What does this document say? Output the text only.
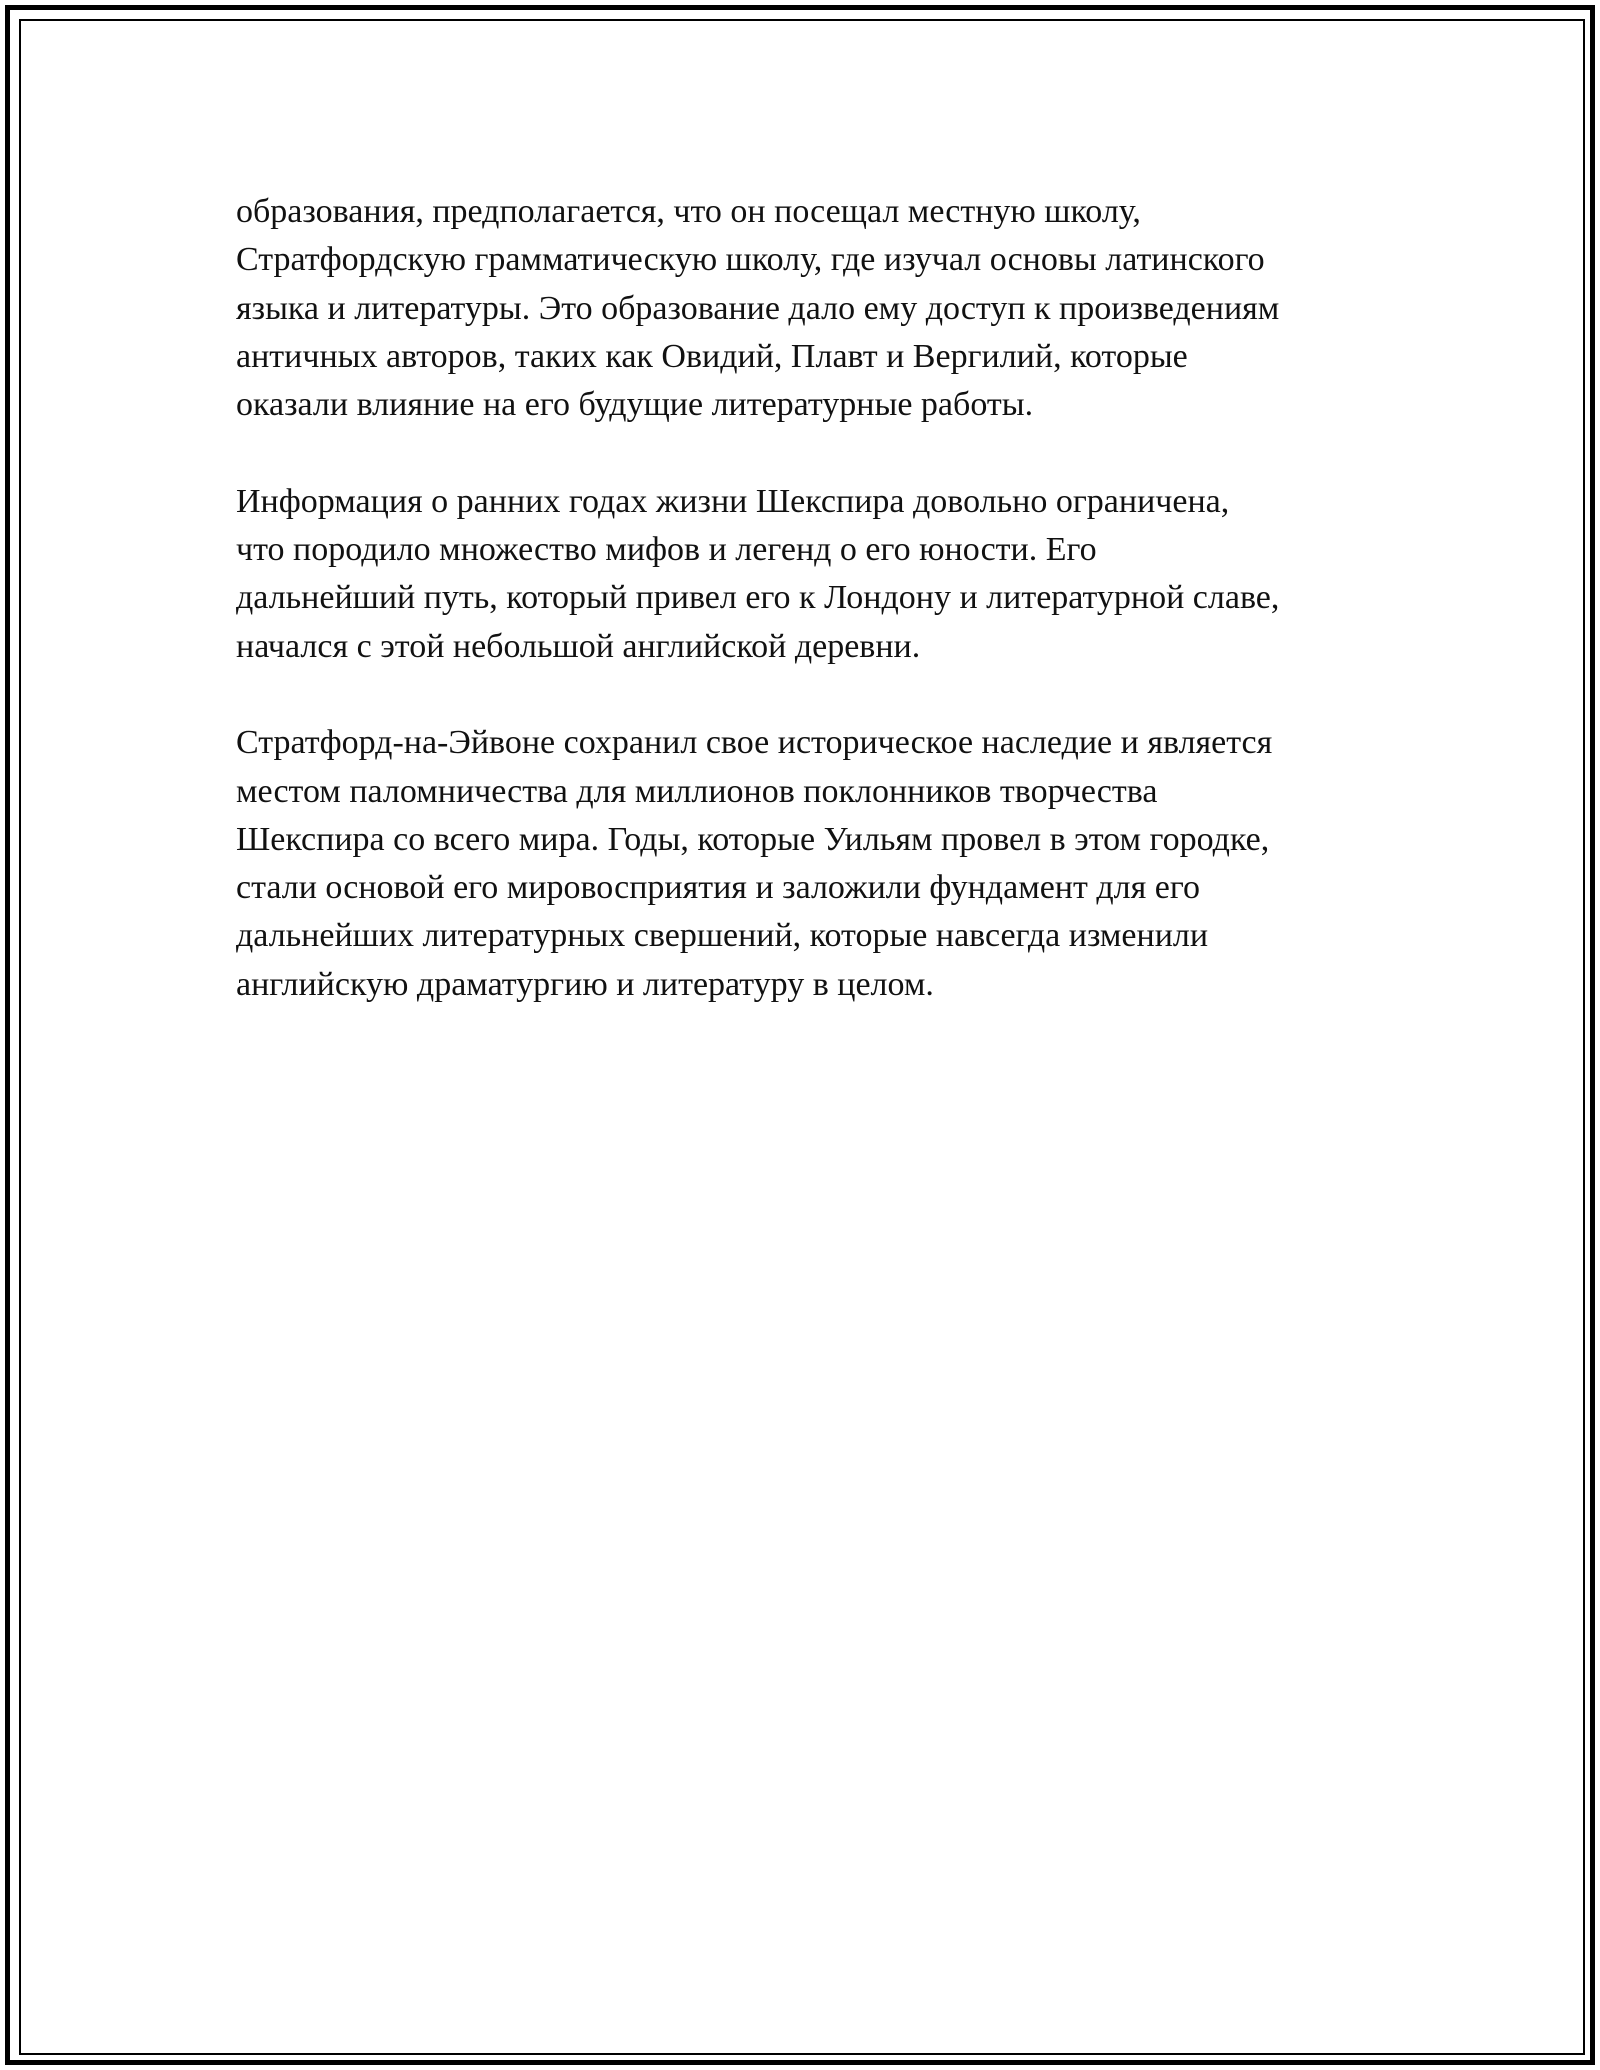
образования, предполагается, что он посещал местную школу,
Стратфордскую грамматическую школу, где изучал основы латинского
языка и литературы. Это образование дало ему доступ к произведениям
античных авторов, таких как Овидий, Плавт и Вергилий, которые
оказали влияние на его будущие литературные работы.
Информация о ранних годах жизни Шекспира довольно ограничена,
что породило множество мифов и легенд о его юности. Его
дальнейший путь, который привел его к Лондону и литературной славе,
начался с этой небольшой английской деревни.
Стратфорд-на-Эйвоне сохранил свое историческое наследие и является
местом паломничества для миллионов поклонников творчества
Шекспира со всего мира. Годы, которые Уильям провел в этом городке,
стали основой его мировосприятия и заложили фундамент для его
дальнейших литературных свершений, которые навсегда изменили
английскую драматургию и литературу в целом.
